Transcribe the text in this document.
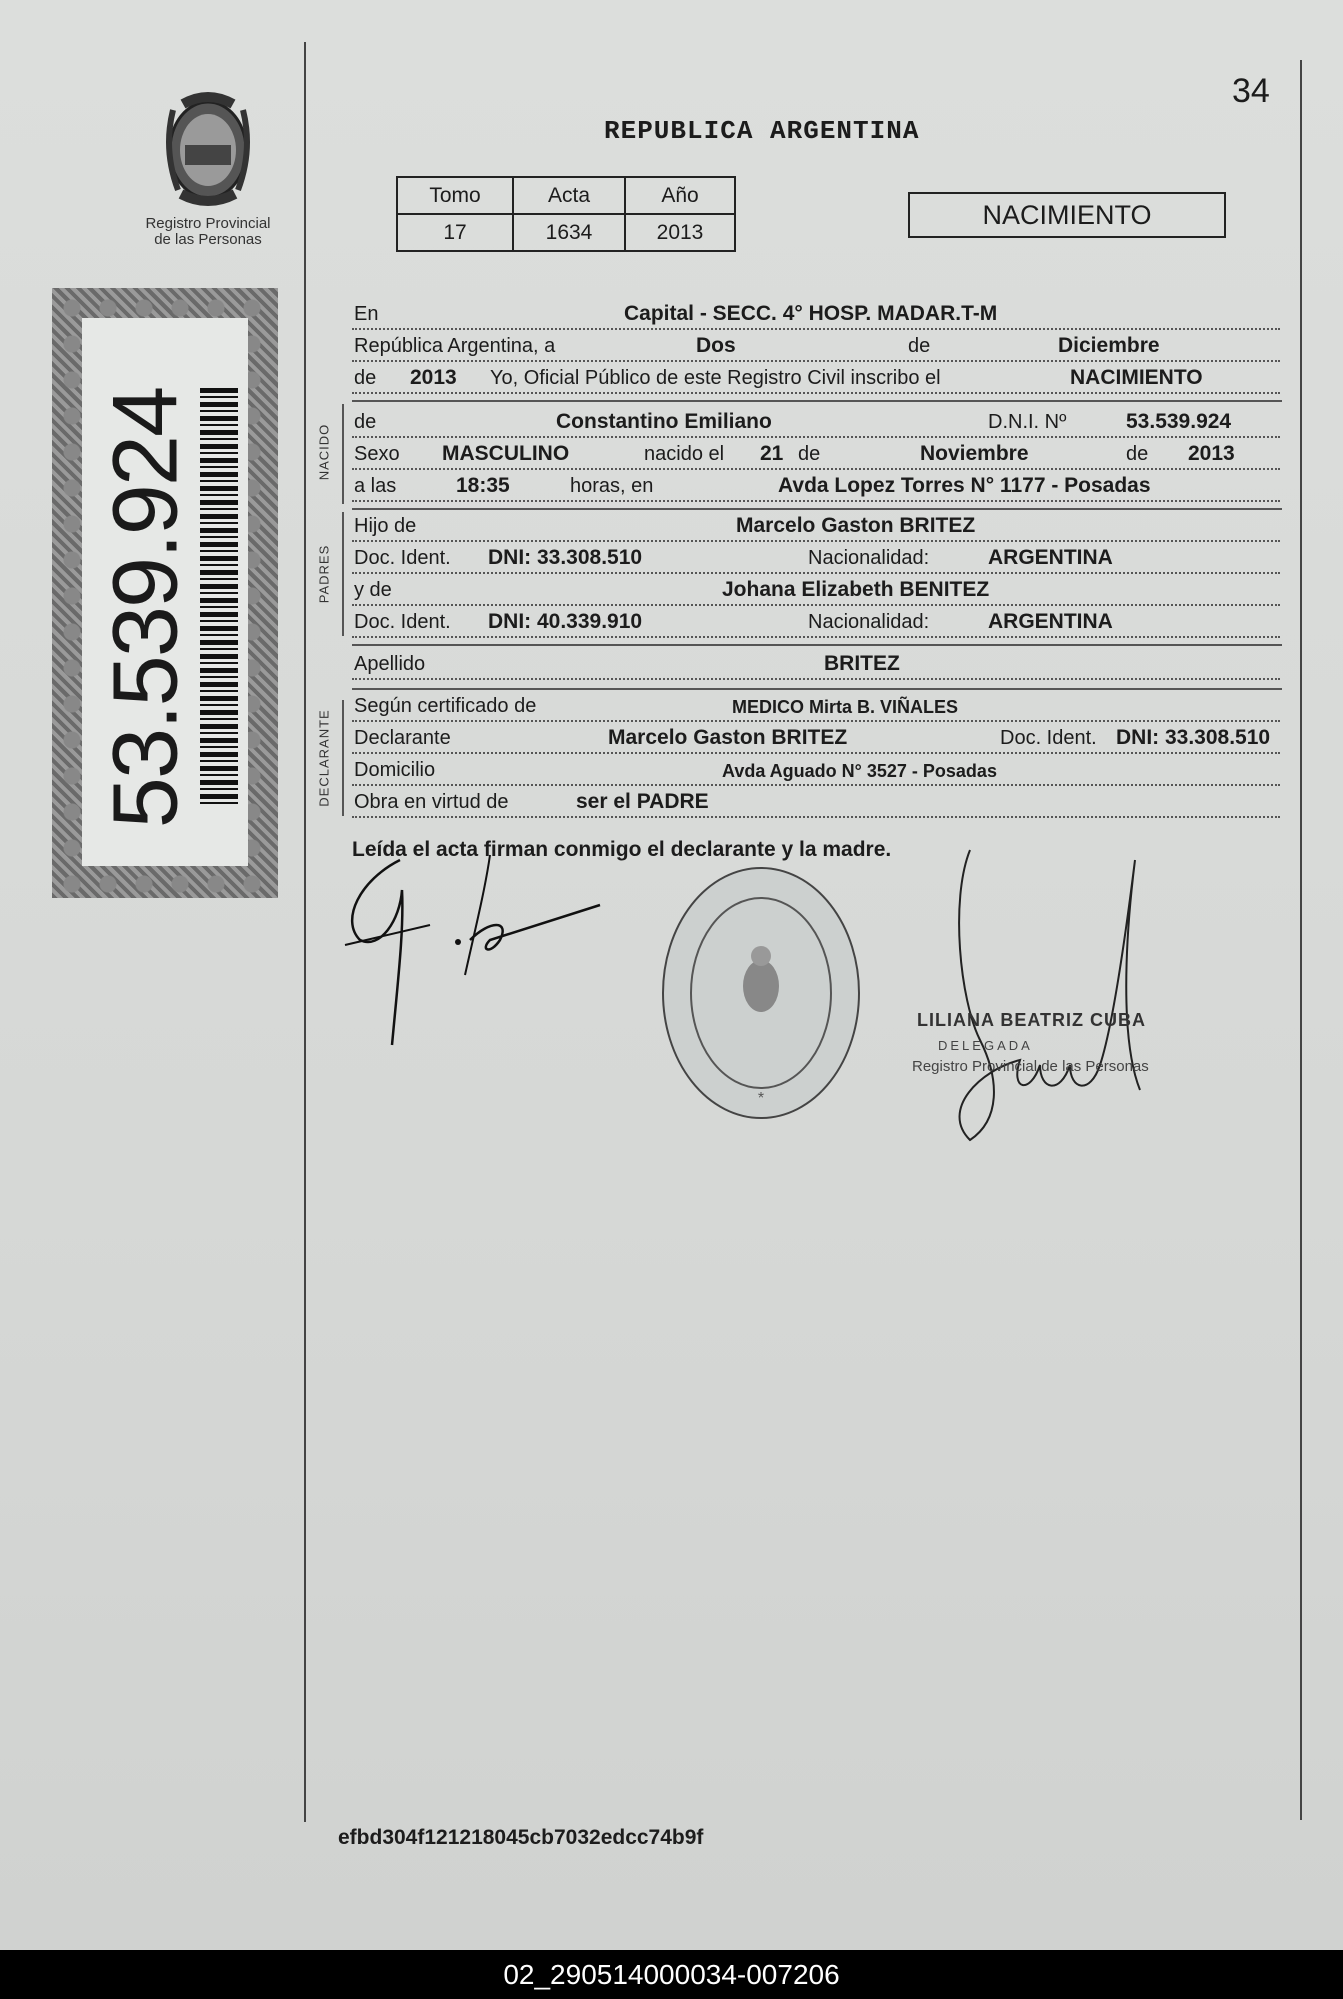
34
REPUBLICA ARGENTINA
Registro Provincial
de las Personas
53.539.924
Tomo	Acta	Año
17	1634	2013
NACIMIENTO
En	Capital - SECC. 4° HOSP. MADAR.T-M
República Argentina, a	Dos	de	Diciembre
de 2013 Yo, Oficial Público de este Registro Civil inscribo el	NACIMIENTO
NACIDO
de	Constantino Emiliano	D.N.I. Nº	53.539.924
Sexo MASCULINO	nacido el 21 de	Noviembre	de 2013
a las	18:35	horas, en	Avda Lopez Torres N° 1177 - Posadas
PADRES
Hijo de	Marcelo Gaston BRITEZ
Doc. Ident. DNI: 33.308.510	Nacionalidad:	ARGENTINA
y de	Johana Elizabeth BENITEZ
Doc. Ident. DNI: 40.339.910	Nacionalidad:	ARGENTINA
Apellido	BRITEZ
DECLARANTE
Según certificado de	MEDICO Mirta B. VIÑALES
Declarante	Marcelo Gaston BRITEZ	Doc. Ident. DNI: 33.308.510
Domicilio	Avda Aguado N° 3527 - Posadas
Obra en virtud de	ser el PADRE
Leída el acta firman conmigo el declarante y la madre.
*
LILIANA BEATRIZ CUBA
DELEGADA
Registro Provincial de las Personas
efbd304f121218045cb7032edcc74b9f
02_290514000034-007206
